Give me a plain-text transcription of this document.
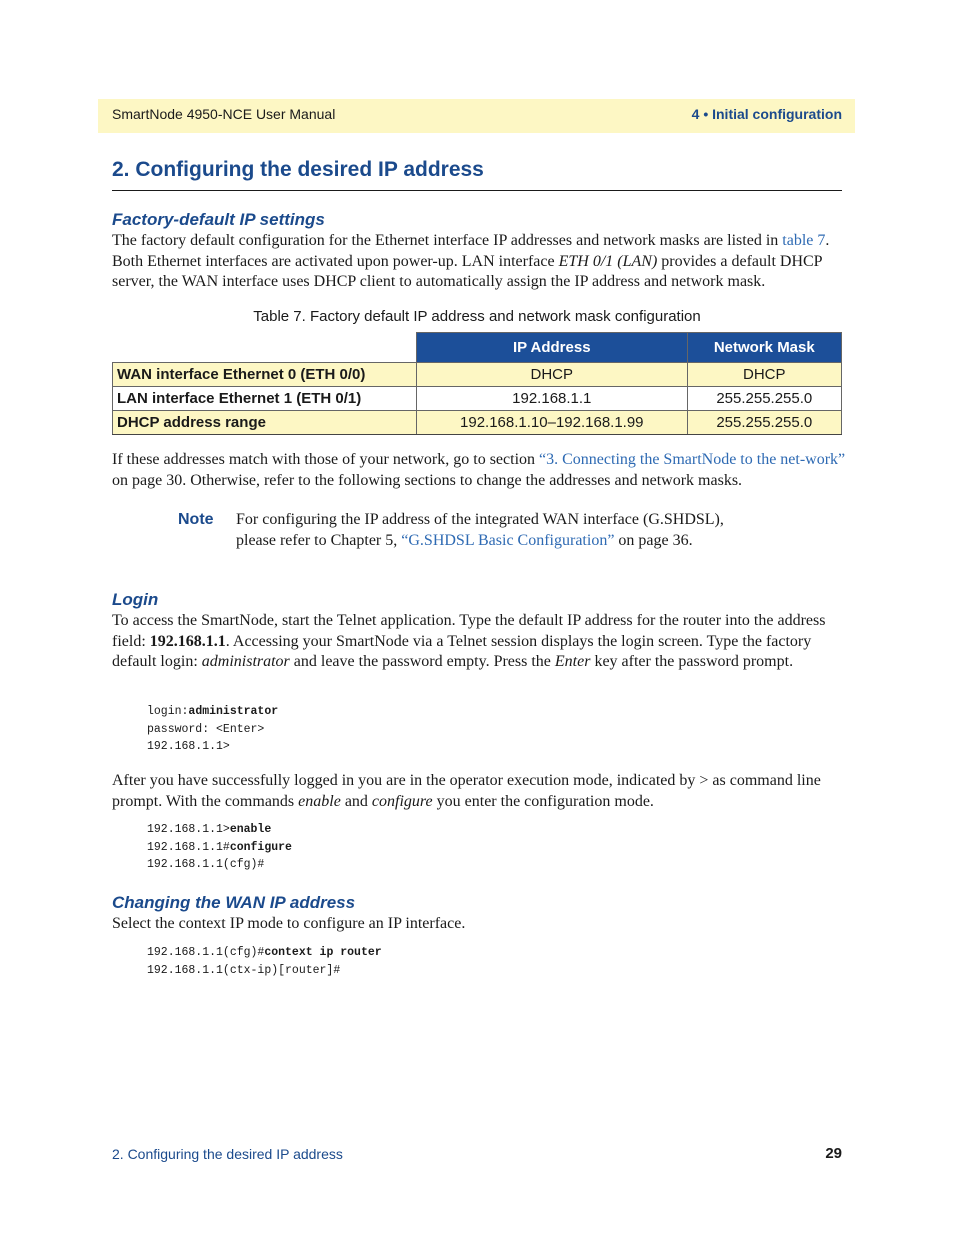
SmartNode 4950-NCE User Manual	4 • Initial configuration
2. Configuring the desired IP address
Factory-default IP settings
The factory default configuration for the Ethernet interface IP addresses and network masks are listed in table 7. Both Ethernet interfaces are activated upon power-up. LAN interface ETH 0/1 (LAN) provides a default DHCP server, the WAN interface uses DHCP client to automatically assign the IP address and network mask.
Table 7. Factory default IP address and network mask configuration
	IP Address	Network Mask
WAN interface Ethernet 0 (ETH 0/0)	DHCP	DHCP
LAN interface Ethernet 1 (ETH 0/1)	192.168.1.1	255.255.255.0
DHCP address range	192.168.1.10–192.168.1.99	255.255.255.0
If these addresses match with those of your network, go to section “3. Connecting the SmartNode to the net-work” on page 30. Otherwise, refer to the following sections to change the addresses and network masks.
Note For configuring the IP address of the integrated WAN interface (G.SHDSL), please refer to Chapter 5, “G.SHDSL Basic Configuration” on page 36.
Login
To access the SmartNode, start the Telnet application. Type the default IP address for the router into the address field: 192.168.1.1. Accessing your SmartNode via a Telnet session displays the login screen. Type the factory default login: administrator and leave the password empty. Press the Enter key after the password prompt.
login:administrator
password: <Enter>
192.168.1.1>
After you have successfully logged in you are in the operator execution mode, indicated by > as command line prompt. With the commands enable and configure you enter the configuration mode.
192.168.1.1>enable
192.168.1.1#configure
192.168.1.1(cfg)#
Changing the WAN IP address
Select the context IP mode to configure an IP interface.
192.168.1.1(cfg)#context ip router
192.168.1.1(ctx-ip)[router]#
2. Configuring the desired IP address	29
